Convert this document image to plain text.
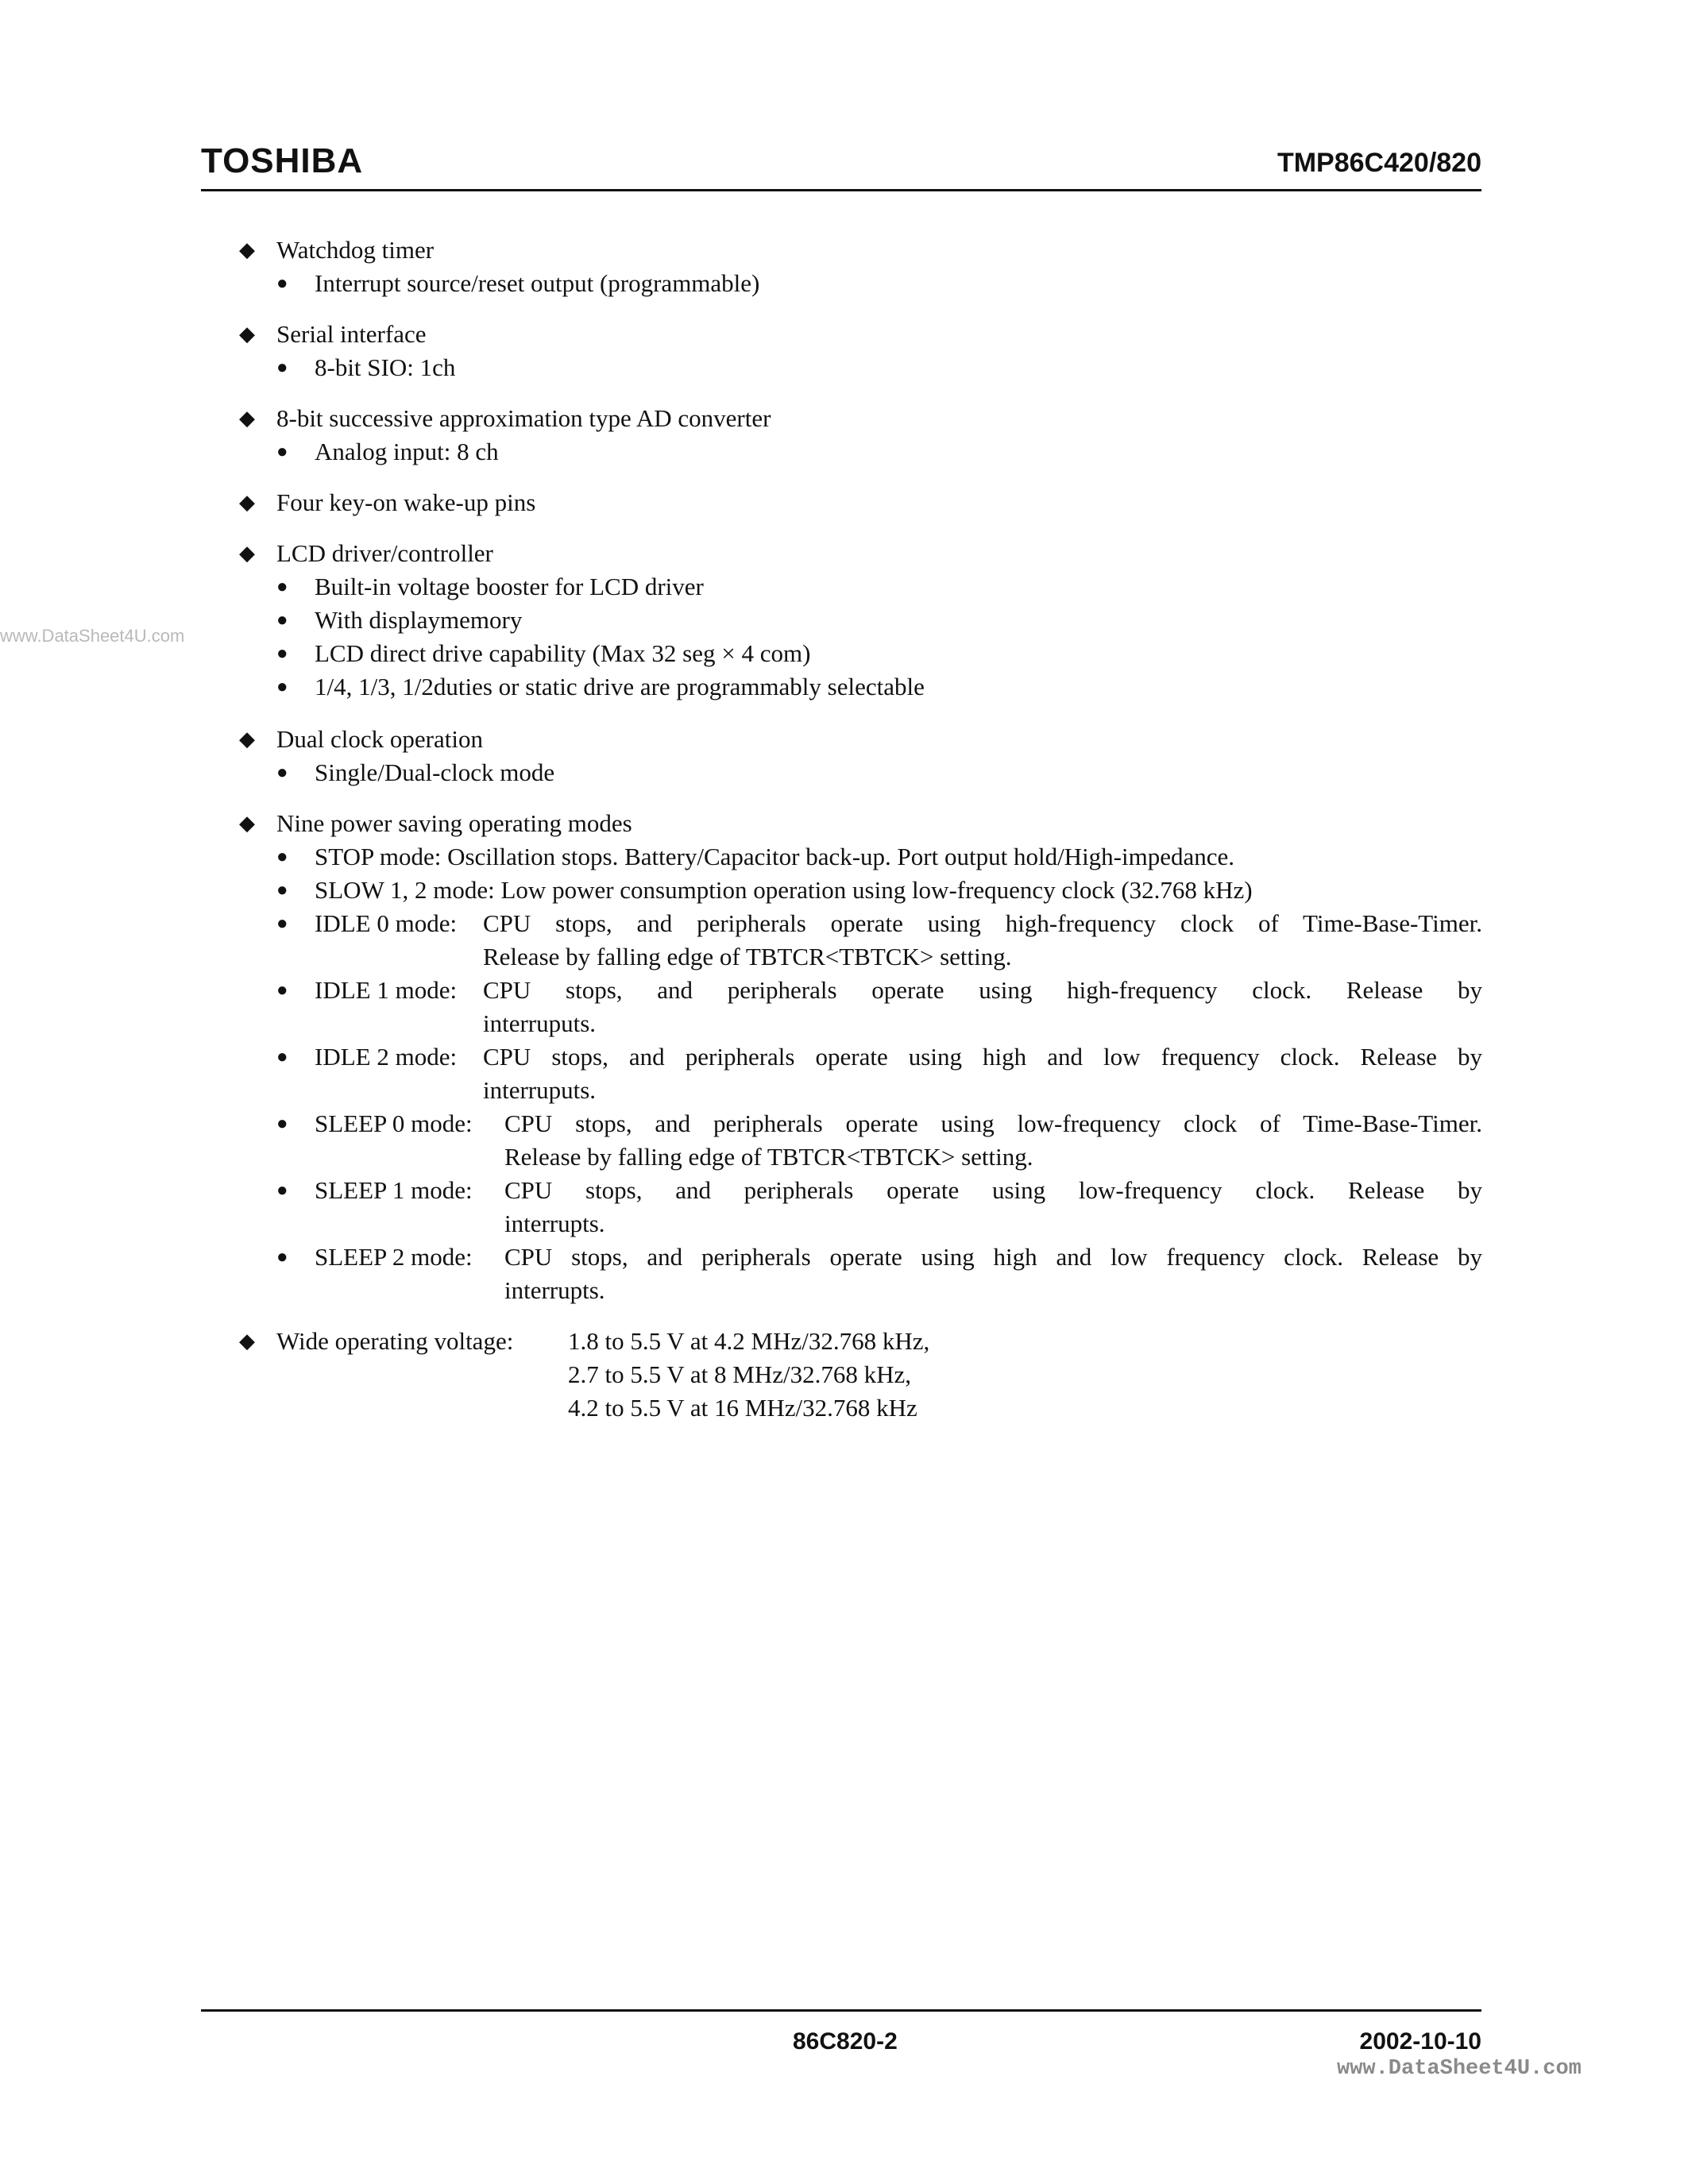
TOSHIBA	TMP86C420/820
www.DataSheet4U.com
◆ Watchdog timer
● Interrupt source/reset output (programmable)
◆ Serial interface
● 8-bit SIO: 1ch
◆ 8-bit successive approximation type AD converter
● Analog input: 8 ch
◆ Four key-on wake-up pins
◆ LCD driver/controller
● Built-in voltage booster for LCD driver
● With displaymemory
● LCD direct drive capability (Max 32 seg × 4 com)
● 1/4, 1/3, 1/2duties or static drive are programmably selectable
◆ Dual clock operation
● Single/Dual-clock mode
◆ Nine power saving operating modes
● STOP mode: Oscillation stops. Battery/Capacitor back-up. Port output hold/High-impedance.
● SLOW 1, 2 mode: Low power consumption operation using low-frequency clock (32.768 kHz)
● IDLE 0 mode: CPU stops, and peripherals operate using high-frequency clock of Time-Base-Timer.
Release by falling edge of TBTCR<TBTCK> setting.
● IDLE 1 mode: CPU stops, and peripherals operate using high-frequency clock. Release by
interruputs.
● IDLE 2 mode: CPU stops, and peripherals operate using high and low frequency clock. Release by
interruputs.
● SLEEP 0 mode: CPU stops, and peripherals operate using low-frequency clock of Time-Base-Timer.
Release by falling edge of TBTCR<TBTCK> setting.
● SLEEP 1 mode: CPU stops, and peripherals operate using low-frequency clock. Release by
interrupts.
● SLEEP 2 mode: CPU stops, and peripherals operate using high and low frequency clock. Release by
interrupts.
◆ Wide operating voltage: 1.8 to 5.5 V at 4.2 MHz/32.768 kHz,
2.7 to 5.5 V at 8 MHz/32.768 kHz,
4.2 to 5.5 V at 16 MHz/32.768 kHz
86C820-2	2002-10-10
www.DataSheet4U.com
